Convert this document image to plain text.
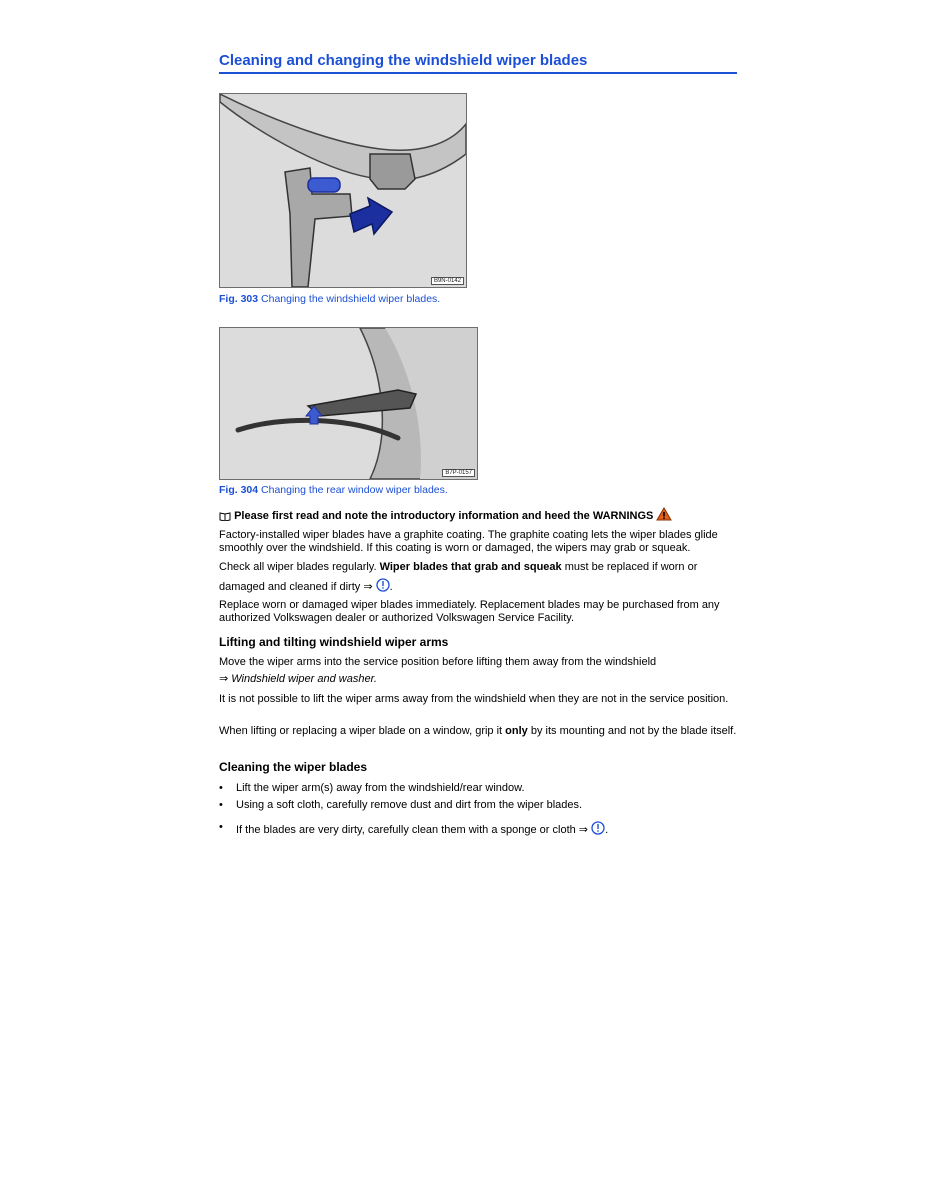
Cleaning and changing the windshield wiper blades
B9N-0142
Fig. 303 Changing the windshield wiper blades.
B7P-0157
Fig. 304 Changing the rear window wiper blades.
Please first read and note the introductory information and heed the WARNINGS
Factory-installed wiper blades have a graphite coating. The graphite coating lets the wiper blades glide smoothly over the windshield. If this coating is worn or damaged, the wipers may grab or squeak.
Check all wiper blades regularly. Wiper blades that grab and squeak must be replaced if worn or
damaged and cleaned if dirty ⇒ .
Replace worn or damaged wiper blades immediately. Replacement blades may be purchased from any authorized Volkswagen dealer or authorized Volkswagen Service Facility.
Lifting and tilting windshield wiper arms
Move the wiper arms into the service position before lifting them away from the windshield
⇒ Windshield wiper and washer.
It is not possible to lift the wiper arms away from the windshield when they are not in the service position.
When lifting or replacing a wiper blade on a window, grip it only by its mounting and not by the blade itself.
Cleaning the wiper blades
• Lift the wiper arm(s) away from the windshield/rear window.
• Using a soft cloth, carefully remove dust and dirt from the wiper blades.
• If the blades are very dirty, carefully clean them with a sponge or cloth ⇒ .
